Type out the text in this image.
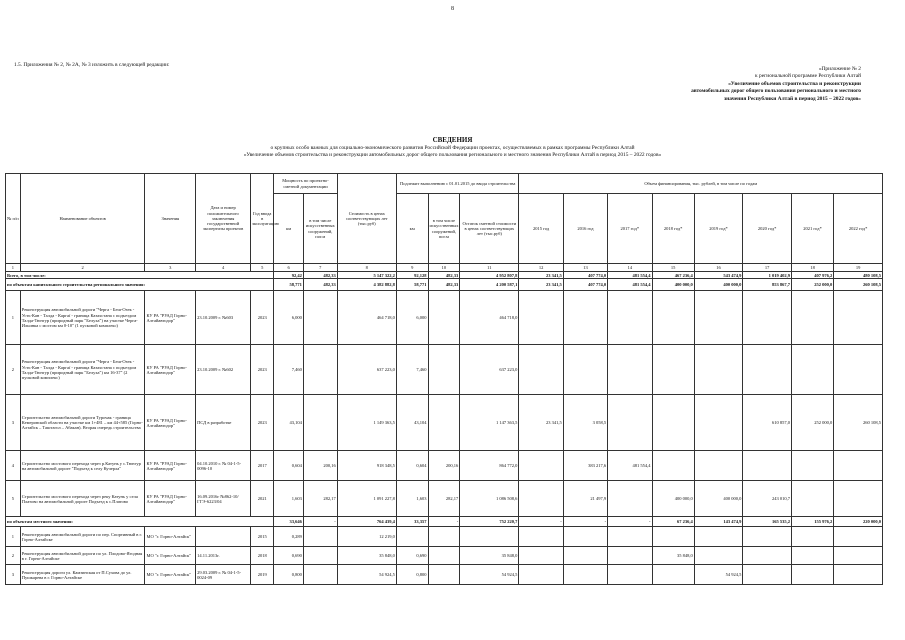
8
1.5. Приложения № 2, № 2А, № 3 изложить в следующей редакции:
«Приложение № 2
к региональной программе Республики Алтай
«Увеличение объемов строительства и реконструкции
автомобильных дорог общего пользования регионального и местного
значения Республики Алтай в период 2015 – 2022 годов»
СВЕДЕНИЯ
о крупных особо важных для социально-экономического развития Российской Федерации проектах, осуществляемых в рамках программы Республики Алтай
«Увеличение объемов строительства и реконструкции автомобильных дорог общего пользования регионального и местного значения Республики Алтай в период 2015 – 2022 годов»
№ п/п	Наименование объектов	Значения	Дата и номер положительного заключения государственной экспертизы проектов	Год ввода в эксплуатацию	Мощность по проектно-сметной документации		Стоимость в ценах соответствующих лет (тыс.руб)	Подлежит выполнению с 01.01.2015 до ввода строительства			Объем финансирования, тыс. рублей, в том числе по годам							
					км	в том числе искусственных сооружений, пог.м		км	в том числе искусственных сооружений, пог.м	Остаток сметной стоимости в ценах соответствующих лет (тыс.руб)	2015 год	2016 год	2017 год*	2018 год*	2019 год*	2020 год*	2021 год*	2022 год*
1	2	3	4	5	6	7	8	9	10	11	12	13	14	15	16	17	18	19
Всего, в том числе:					92,42	482,33	5 147 322,2	92,128	482,33	4 952 807,8	23 341,5	407 774,0	481 554,4	467 236,4	543 474,9	1 019 402,9	407 976,2	480 108,5
по объектам капитального строительства регионального значения:					58,771	482,33	4 382 882,8	58,771	482,33	4 200 587,1	23 341,5	407 774,0	481 554,4	400 000,0	400 000,0	853 867,7	252 000,0	260 108,5
1	Реконструкция автомобильной дороги "Черга - Беш-Озек - Усть-Кан - Талда - Каргаї - граница Казахстана с подъездом Талда-Тюнгур (природный парк "Белуха") на участке Черга-Ильинка с мостом км 0-10" (1 пусковой комплекс)	КУ РА "РУАД Горно-Алтайавтодор"	23.10.2009 г. №603	2023	6,000		464 718,0	6,000		464 718,0								
2	Реконструкция автомобильной дороги "Черга - Беш-Озек - Усть-Кан - Талда - Каргаї - граница Казахстана с подъездом Талда-Тюнгур (природный парк "Белуха") км 16-37" (2 пусковой комплекс)	КУ РА "РУАД Горно-Алтайавтодор"	23.10.2009 г. №602	2023	7,460		637 223,0	7,460		637 223,0								
3	Строительство автомобильной дороги Турочак - граница Кемеровской области на участке км 1+481 – км 44+585 (Горно-Алтайск – Таштагол – Абакан). Вторая очередь строительства	КУ РА "РУАД Горно-Алтайавтодор"	ПСД в разработке	2023	43,104		1 149 363,5	43,104		1 147 363,5	23 341,5	3 058,5				610 857,0	252 000,0	260 108,5
4	Строительство мостового перехода через р.Катунь у с.Тюнгур на автомобильной дороге "Подъезд к селу Кучерла"	КУ РА "РУАД Горно-Алтайавтодор"	04.10.2010 г. № 04-1-5-0096-10	2017	0,604	200,16	918 348,5	0,604	200,16	864 772,0		383 217,6	481 554,4					
5	Строительство мостового перехода через реку Катунь у села Платово на автомобильной дороге Подъезд к с.Платово	КУ РА "РУАД Горно-Алтайавтодор"	16.09.2016г №862-10/ГГЭ-6223/04	2021	1,603	282,17	1 091 227,8	1,603	282,17	1 086 508,6		21 497,9		400 000,0	400 000,0	243 010,7		
по объектам местного значения:					33,646	-	764 439,4	33,357	-	752 220,7	-	-	-	67 236,4	143 474,9	165 535,2	155 976,2	220 000,0
1	Реконструкция автомобильной дороги по пер. Спортивный в г. Горно-Алтайске	МО "г. Горно-Алтайск"		2015	0,289		12 219,0											
2	Реконструкция автомобильной дороги по ул. Плодово-Ягодная в г. Горно-Алтайске	МО "г. Горно-Алтайск"	14.11.2013г.	2018	0,690		35 848,0	0,690		35 848,0				35 848,0				
3	Реконструкция дороги ул. Камзинская от П.Сухова до ул. Пушкарева в г. Горно-Алтайске	МО "г. Горно-Алтайск"	29.03.2009 г. № 04-1-5-0024-09	2019	0,800		54 924,5	0,800		54 924,5					54 924,5			
